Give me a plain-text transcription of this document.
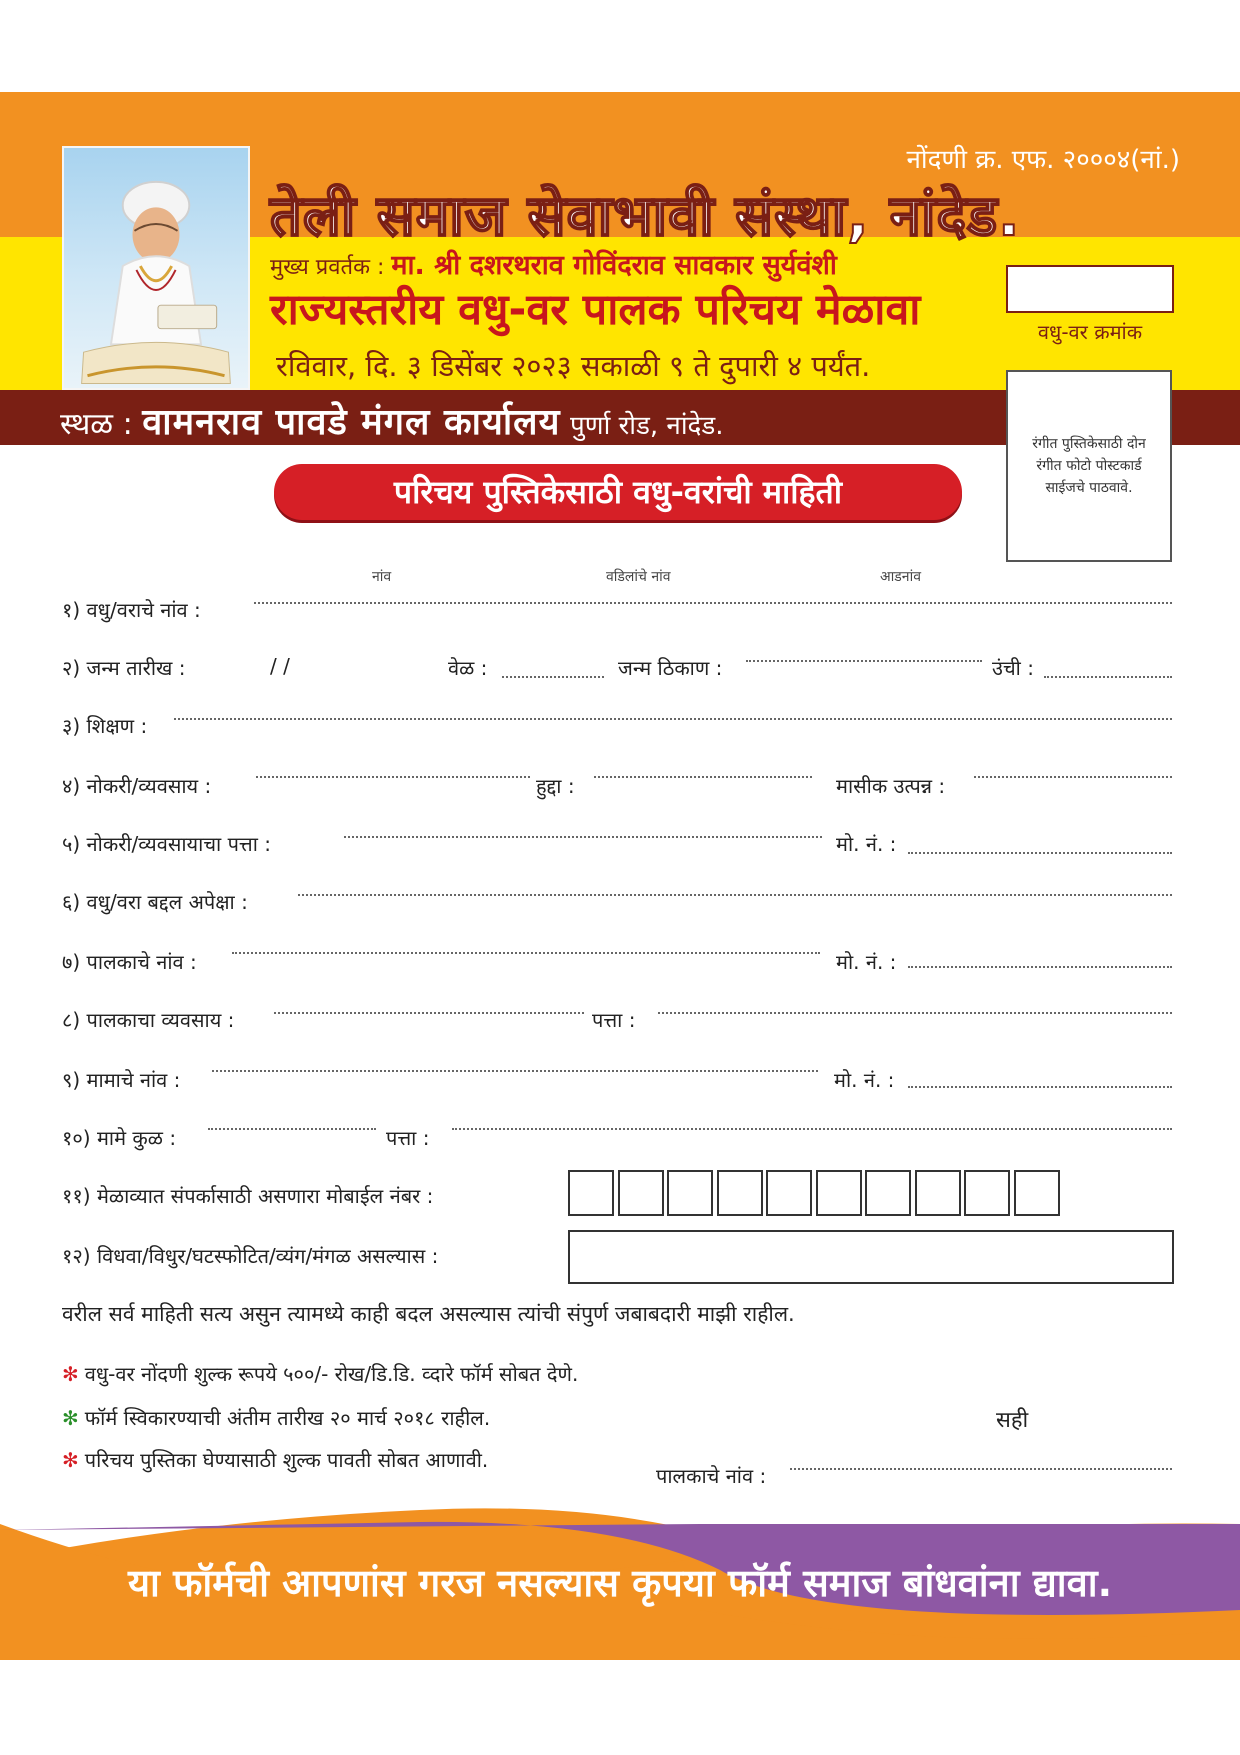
नोंदणी क्र. एफ. २०००४(नां.)
तेली समाज सेवाभावी संस्था, नांदेड.
मुख्य प्रवर्तक : मा. श्री दशरथराव गोविंदराव सावकार सुर्यवंशी
राज्यस्तरीय वधु-वर पालक परिचय मेळावा
रविवार, दि. ३ डिसेंबर २०२३ सकाळी ९ ते दुपारी ४ पर्यंत.
वधु-वर क्रमांक
स्थळ : वामनराव पावडे मंगल कार्यालय पुर्णा रोड, नांदेड.
रंगीत पुस्तिकेसाठी दोन रंगीत फोटो पोस्टकार्ड साईजचे पाठवावे.
परिचय पुस्तिकेसाठी वधु-वरांची माहिती
नांव	वडिलांचे नांव	आडनांव
१) वधु/वराचे नांव :
२) जन्म तारीख :	/ /	वेळ :	जन्म ठिकाण :	उंची :
३) शिक्षण :
४) नोकरी/व्यवसाय :	हुद्दा :	मासीक उत्पन्न :
५) नोकरी/व्यवसायाचा पत्ता :	मो. नं. :
६) वधु/वरा बद्दल अपेक्षा :
७) पालकाचे नांव :	मो. नं. :
८) पालकाचा व्यवसाय :	पत्ता :
९) मामाचे नांव :	मो. नं. :
१०) मामे कुळ :	पत्ता :
११) मेळाव्यात संपर्कासाठी असणारा मोबाईल नंबर :
१२) विधवा/विधुर/घटस्फोटित/व्यंग/मंगळ असल्यास :
वरील सर्व माहिती सत्य असुन त्यामध्ये काही बदल असल्यास त्यांची संपुर्ण जबाबदारी माझी राहील.
✻ वधु-वर नोंदणी शुल्क रूपये ५००/- रोख/डि.डि. व्दारे फॉर्म सोबत देणे.
✻ फॉर्म स्विकारण्याची अंतीम तारीख २० मार्च २०१८ राहील.
✻ परिचय पुस्तिका घेण्यासाठी शुल्क पावती सोबत आणावी.
सही
पालकाचे नांव :
या फॉर्मची आपणांस गरज नसल्यास कृपया फॉर्म समाज बांधवांना द्यावा.
